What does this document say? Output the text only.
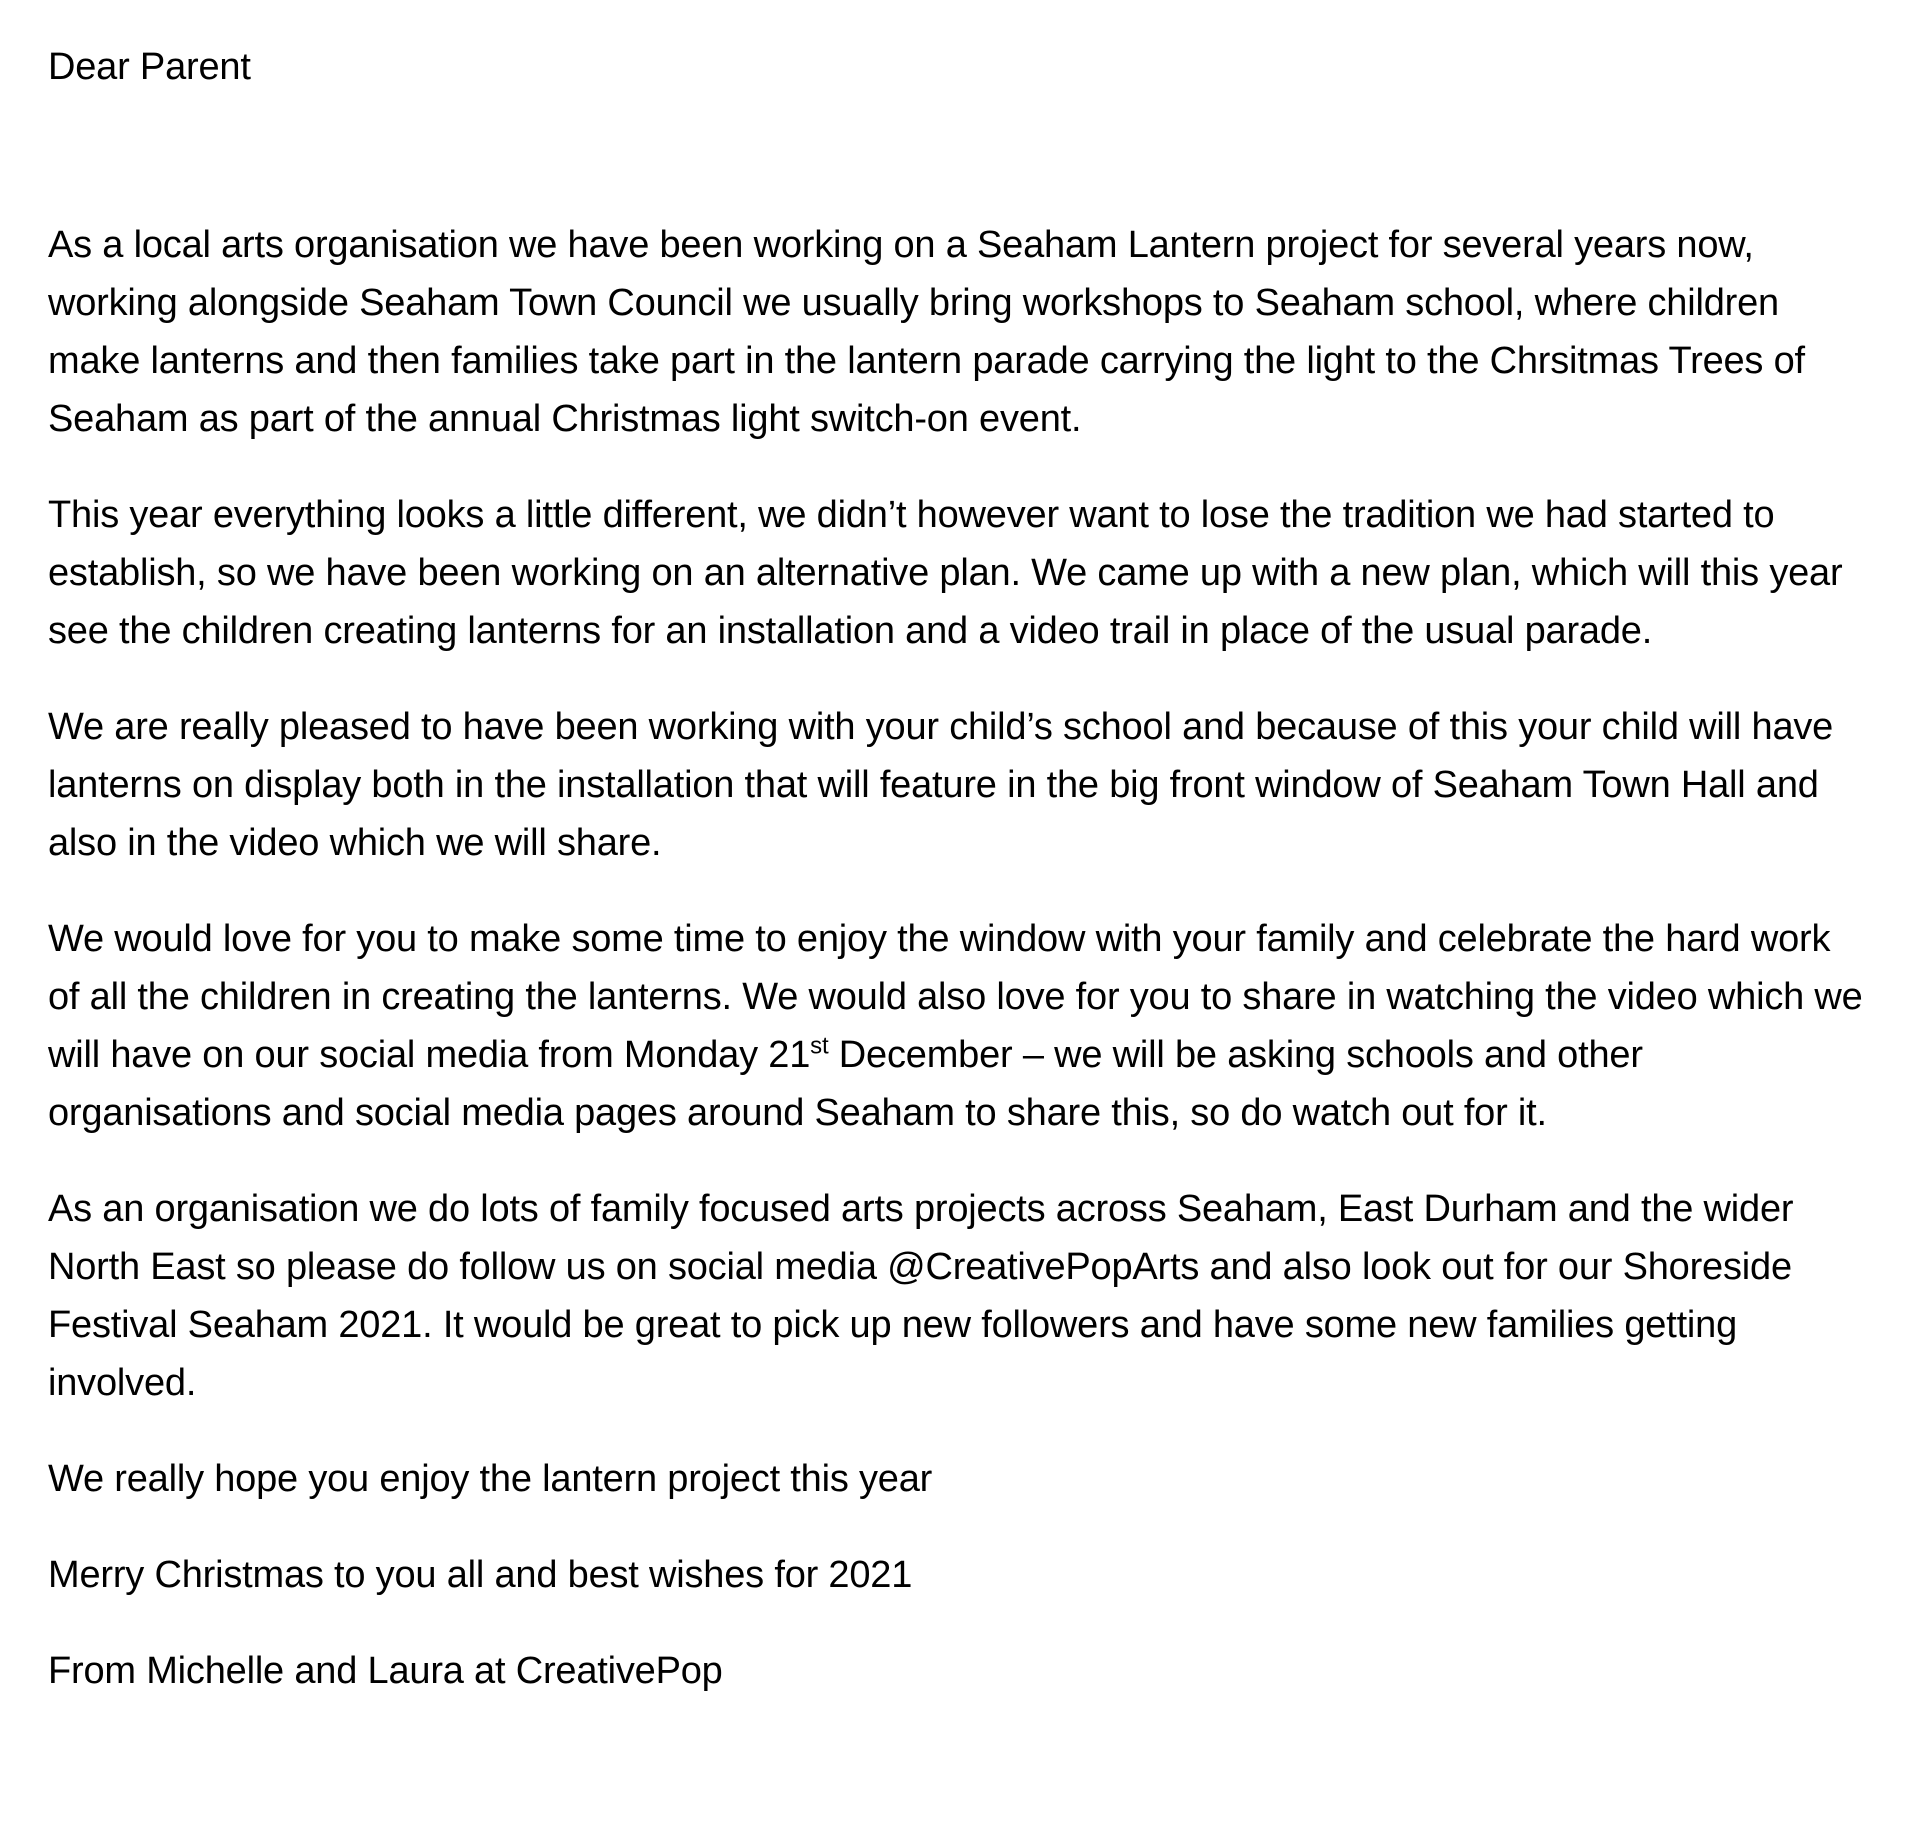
Dear Parent

As a local arts organisation we have been working on a Seaham Lantern project for several years now, working alongside Seaham Town Council we usually bring workshops to Seaham school, where children make lanterns and then families take part in the lantern parade carrying the light to the Chrsitmas Trees of Seaham as part of the annual Christmas light switch-on event.

This year everything looks a little different, we didn’t however want to lose the tradition we had started to establish, so we have been working on an alternative plan. We came up with a new plan, which will this year see the children creating lanterns for an installation and a video trail in place of the usual parade.

We are really pleased to have been working with your child’s school and because of this your child will have lanterns on display both in the installation that will feature in the big front window of Seaham Town Hall and also in the video which we will share.

We would love for you to make some time to enjoy the window with your family and celebrate the hard work of all the children in creating the lanterns. We would also love for you to share in watching the video which we will have on our social media from Monday 21st December – we will be asking schools and other organisations and social media pages around Seaham to share this, so do watch out for it.

As an organisation we do lots of family focused arts projects across Seaham, East Durham and the wider North East so please do follow us on social media @CreativePopArts and also look out for our Shoreside Festival Seaham 2021. It would be great to pick up new followers and have some new families getting involved.

We really hope you enjoy the lantern project this year

Merry Christmas to you all and best wishes for 2021

From Michelle and Laura at CreativePop
